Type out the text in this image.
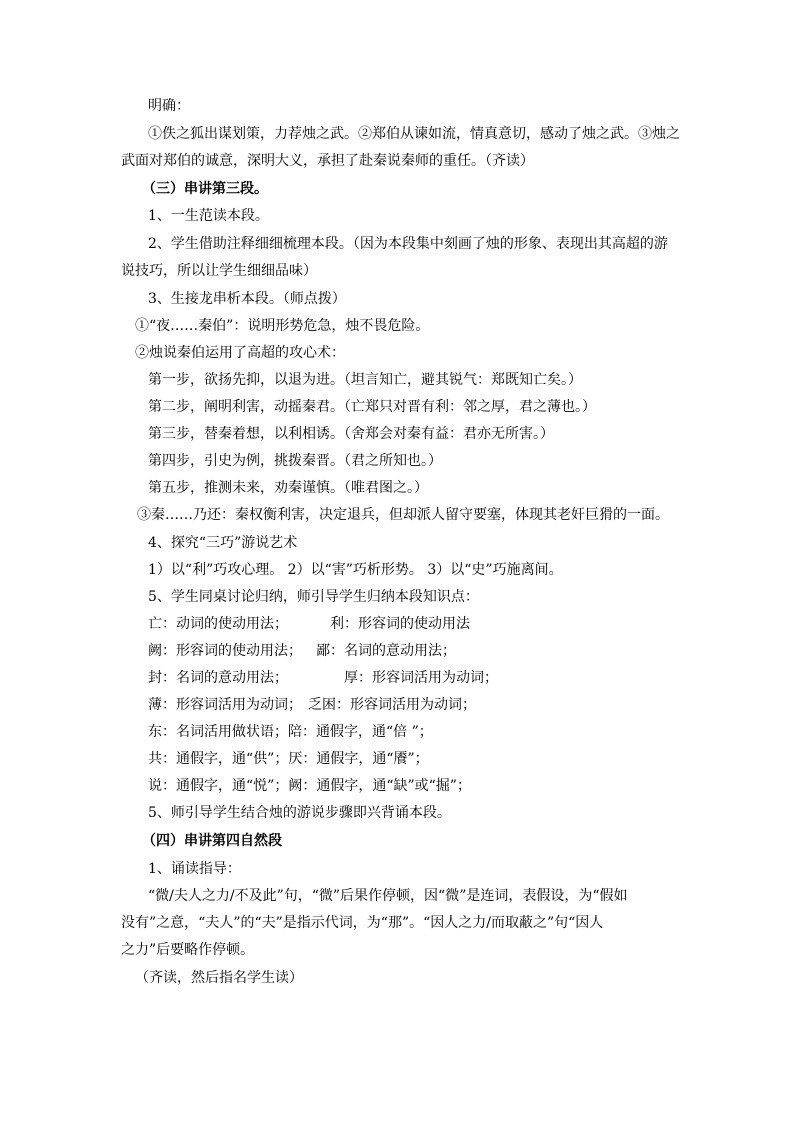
明确：
①佚之狐出谋划策，力荐烛之武。②郑伯从谏如流，情真意切，感动了烛之武。③烛之
武面对郑伯的诚意，深明大义，承担了赴秦说秦师的重任。（齐读）
（三）串讲第三段。
1、一生范读本段。
2、学生借助注释细细梳理本段。（因为本段集中刻画了烛的形象、表现出其高超的游
说技巧，所以让学生细细品味）
3、生接龙串析本段。（师点拨）
①“夜……秦伯”：说明形势危急，烛不畏危险。
②烛说秦伯运用了高超的攻心术：
第一步，欲扬先抑，以退为进。（坦言知亡，避其锐气：郑既知亡矣。）
第二步，阐明利害，动摇秦君。（亡郑只对晋有利：邻之厚，君之薄也。）
第三步，替秦着想，以利相诱。（舍郑会对秦有益：君亦无所害。）
第四步，引史为例，挑拨秦晋。（君之所知也。）
第五步，推测未来，劝秦谨慎。（唯君图之。）
③秦……乃还：秦权衡利害，决定退兵，但却派人留守要塞，体现其老奸巨猾的一面。
4、探究“三巧”游说艺术
1）以“利”巧攻心理。 2）以“害”巧析形势。 3）以“史”巧施离间。
5、学生同桌讨论归纳，师引导学生归纳本段知识点：
亡：动词的使动用法；	利：形容词的使动用法
阙：形容词的使动用法； 鄙：名词的意动用法；
封：名词的意动用法；	厚：形容词活用为动词；
薄：形容词活用为动词； 乏困：形容词活用为动词；
东：名词活用做状语；陪：通假字，通“倍 ”；
共：通假字，通“供”；厌：通假字，通“餍”；
说：通假字，通“悦”；阙：通假字，通“缺”或“掘”；
5、师引导学生结合烛的游说步骤即兴背诵本段。
（四）串讲第四自然段
1、诵读指导：
“微/夫人之力/不及此”句，“微”后果作停顿，因“微”是连词，表假设，为“假如
没有”之意，“夫人”的“夫”是指示代词，为“那”。“因人之力/而取蔽之”句“因人
之力”后要略作停顿。
（齐读，然后指名学生读）
